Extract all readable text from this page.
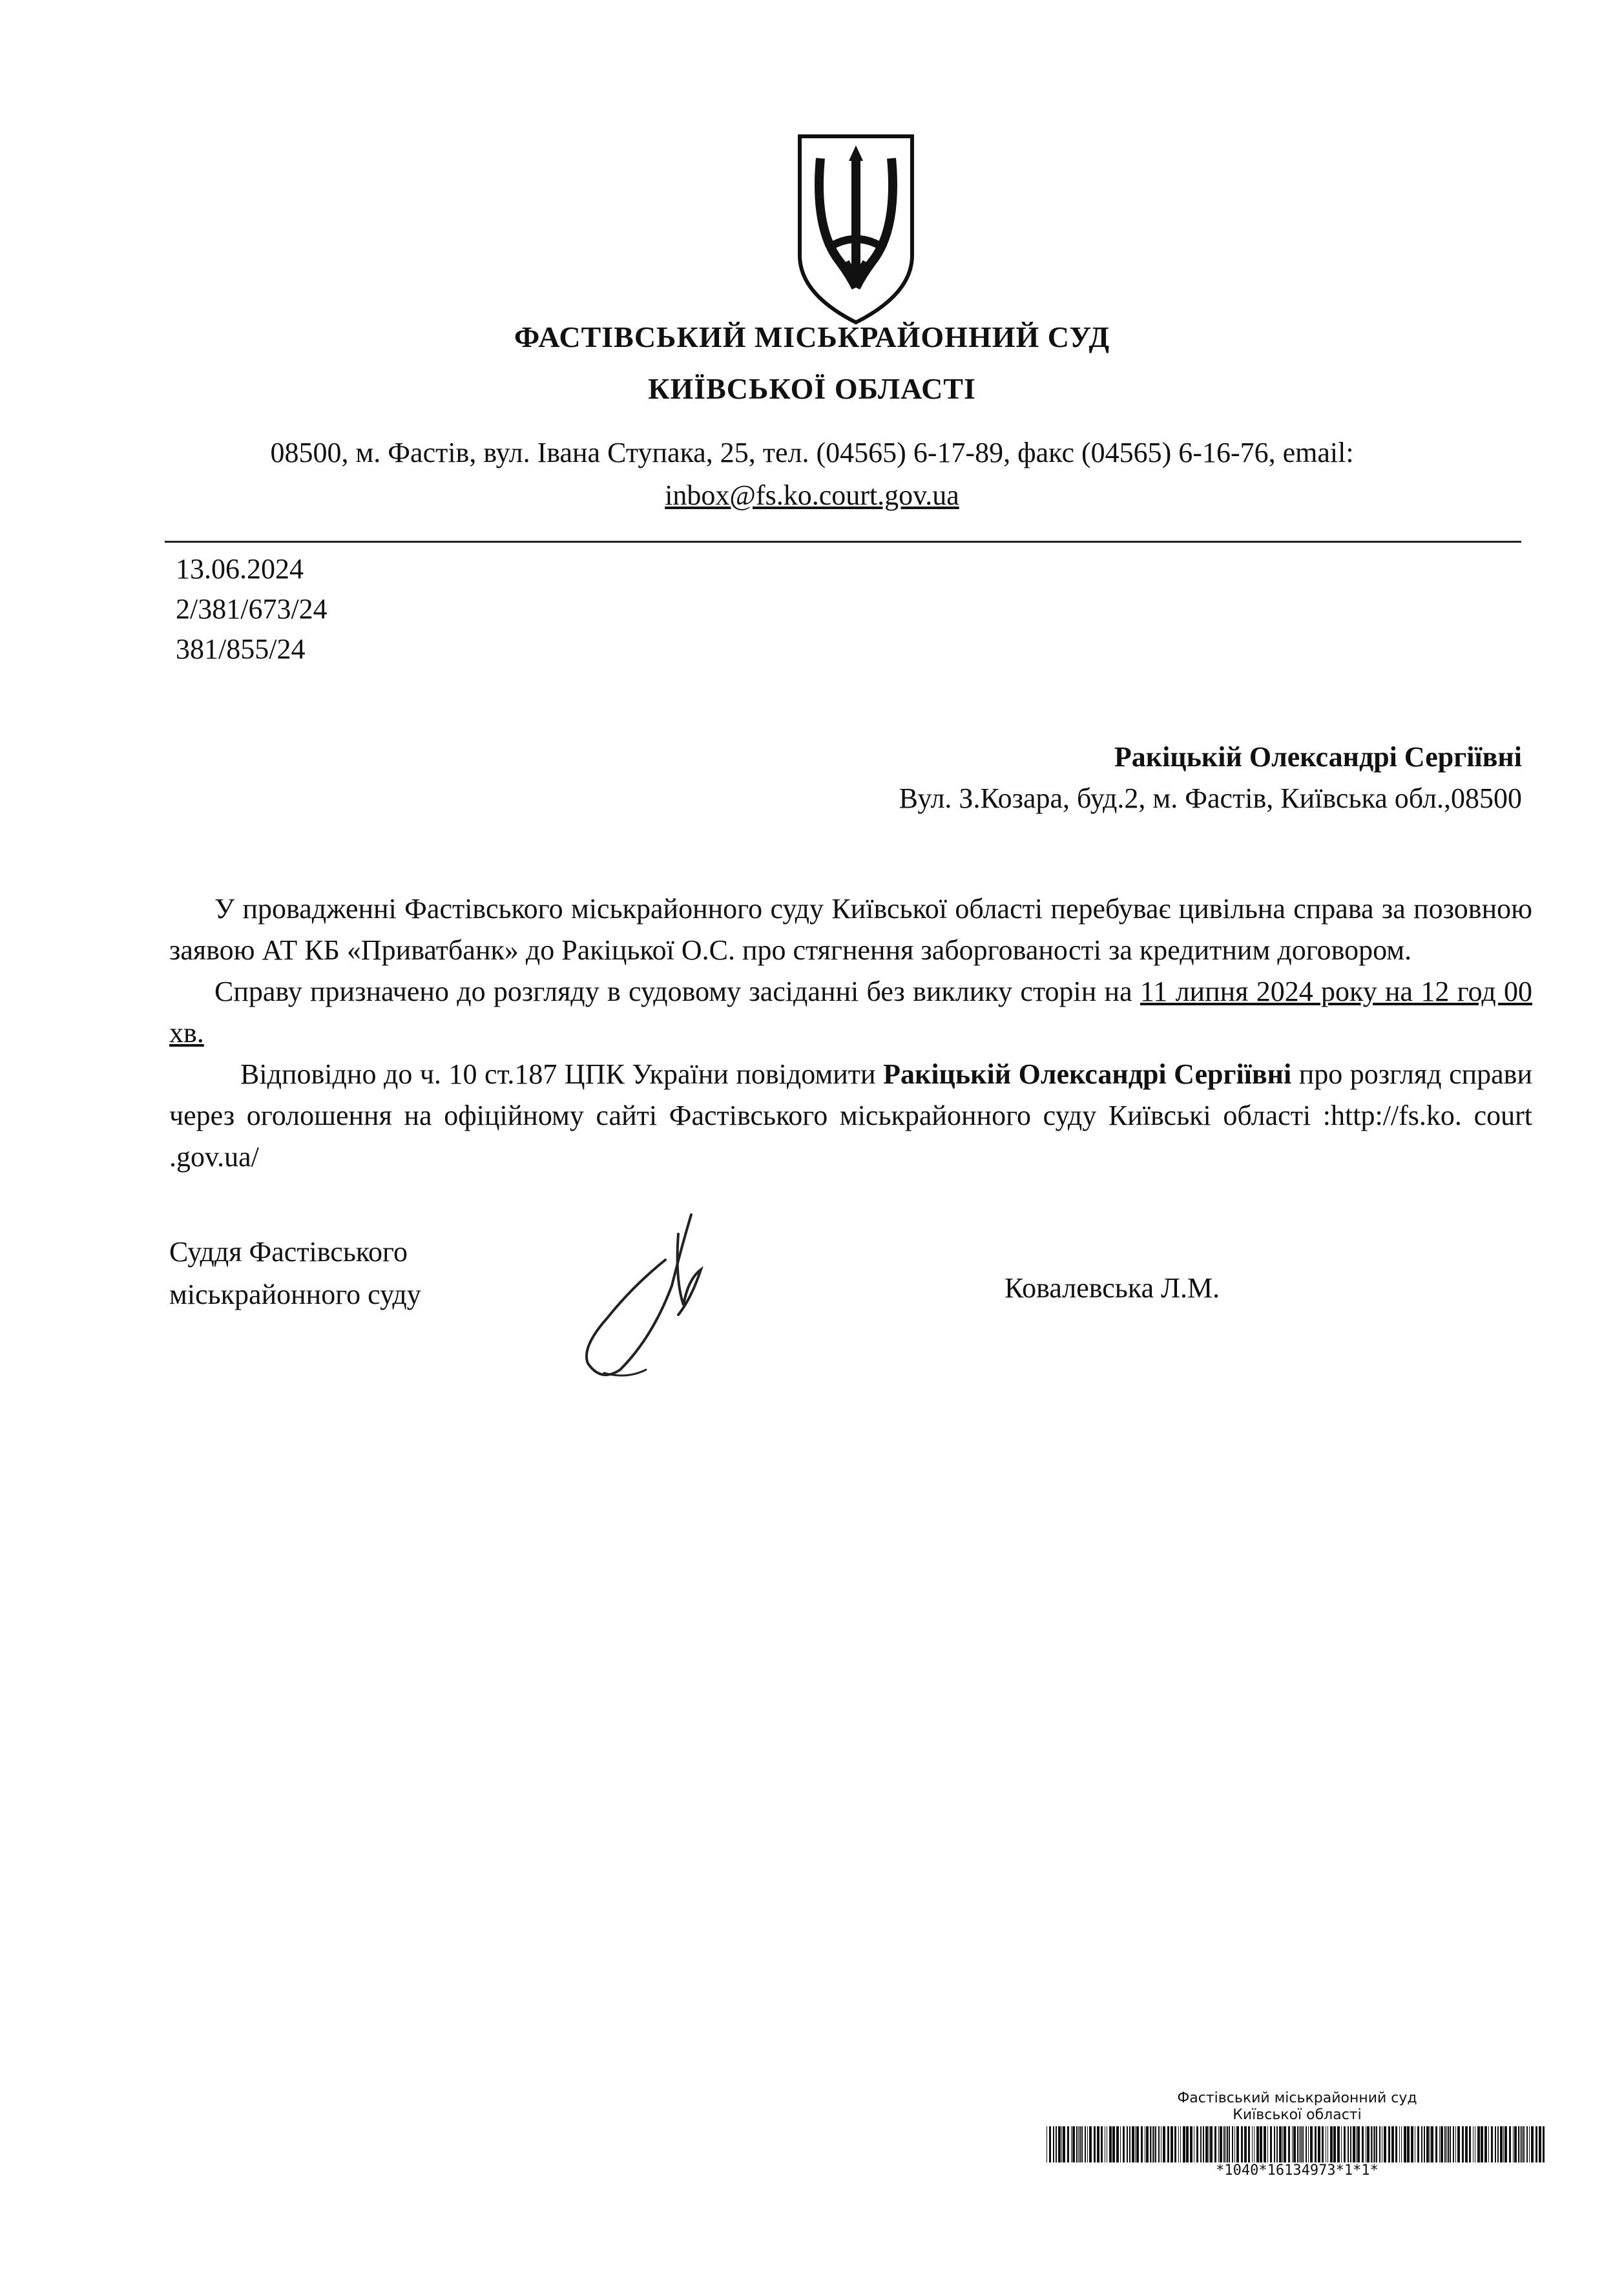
ФАСТІВСЬКИЙ МІСЬКРАЙОННИЙ СУД
КИЇВСЬКОЇ ОБЛАСТІ
08500, м. Фастів, вул. Івана Ступака, 25, тел. (04565) 6-17-89, факс (04565) 6-16-76, email:
inbox@fs.ko.court.gov.ua
13.06.2024
2/381/673/24
381/855/24
Ракіцькій Олександрі Сергіївні
Вул. З.Козара, буд.2, м. Фастів, Київська обл.,08500
У провадженні Фастівського міськрайонного суду Київської області перебуває цивільна справа за позовною заявою АТ КБ «Приватбанк» до Ракіцької О.С. про стягнення заборгованості за кредитним договором.
Справу призначено до розгляду в судовому засіданні без виклику сторін на 11 липня 2024 року на 12 год 00 хв.
Відповідно до ч. 10 ст.187 ЦПК України повідомити Ракіцькій Олександрі Сергіївні про розгляд справи через оголошення на офіційному сайті Фастівського міськрайонного суду Київські області :http://fs.ko. court .gov.ua/
Суддя Фастівського
міськрайонного суду	Ковалевська Л.М.
Фастівський міськрайонний суд
Київської області
*1040*16134973*1*1*
